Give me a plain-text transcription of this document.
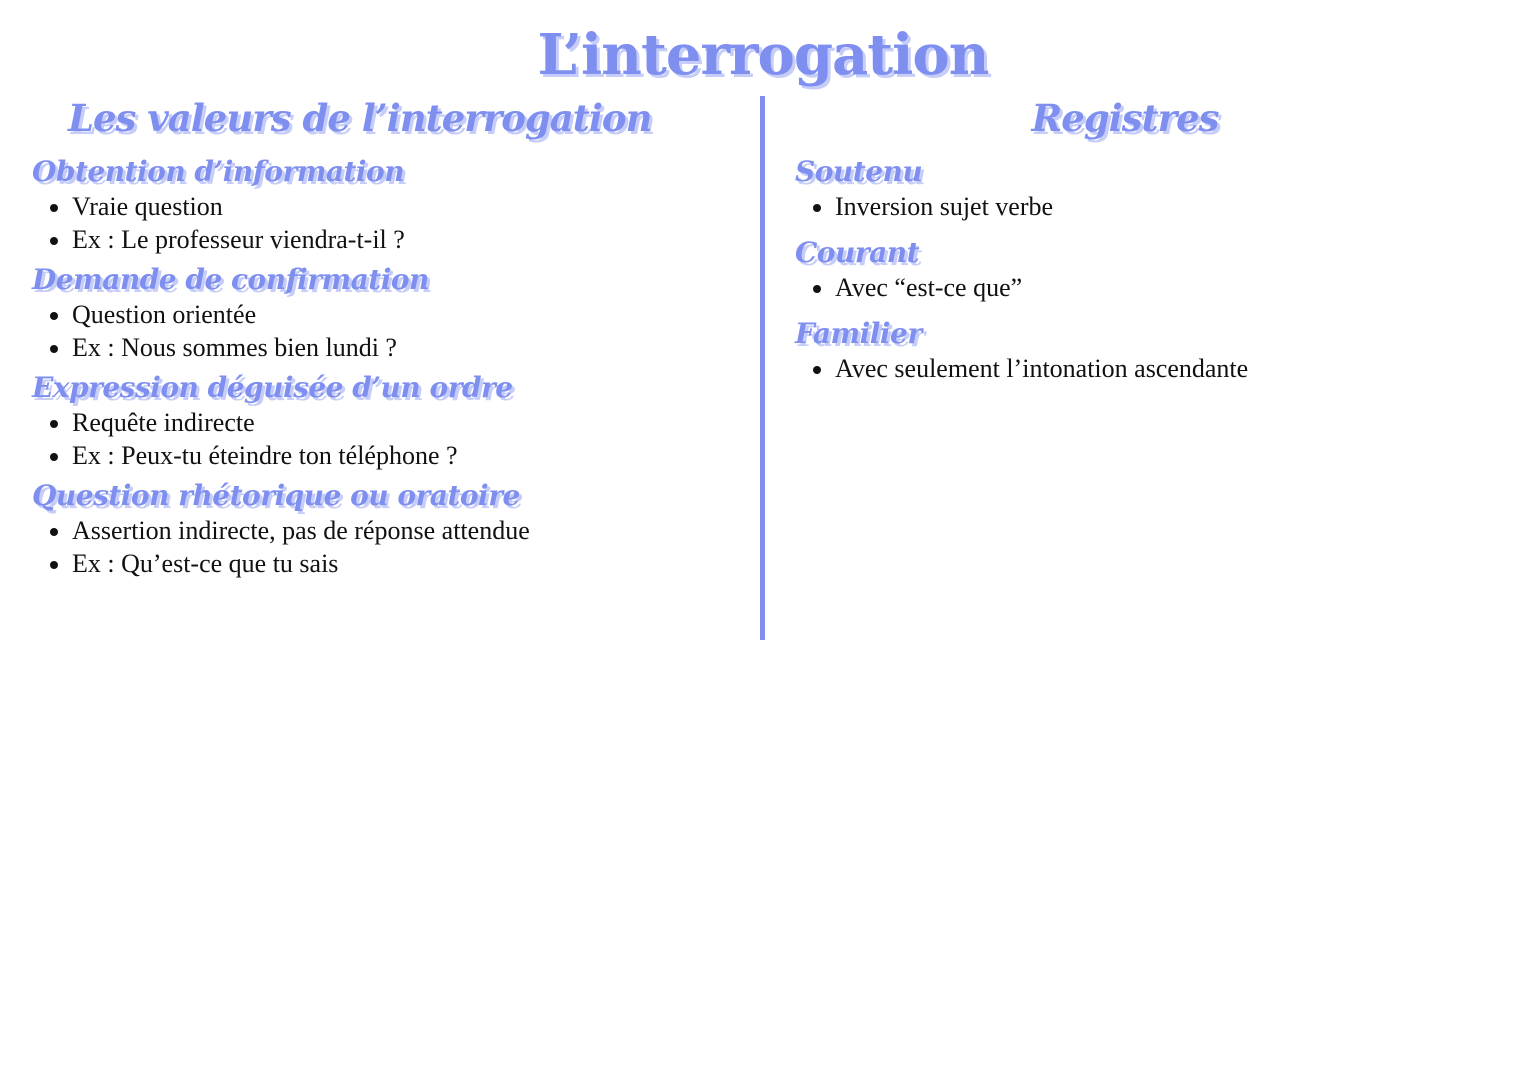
L’interrogation
Les valeurs de l’interrogation
Obtention d’information
• Vraie question
• Ex : Le professeur viendra-t-il ?
Demande de confirmation
• Question orientée
• Ex : Nous sommes bien lundi ?
Expression déguisée d’un ordre
• Requête indirecte
• Ex : Peux-tu éteindre ton téléphone ?
Question rhétorique ou oratoire
• Assertion indirecte, pas de réponse attendue
• Ex : Qu’est-ce que tu sais
Registres
Soutenu
• Inversion sujet verbe
Courant
• Avec “est-ce que”
Familier
• Avec seulement l’intonation ascendante
